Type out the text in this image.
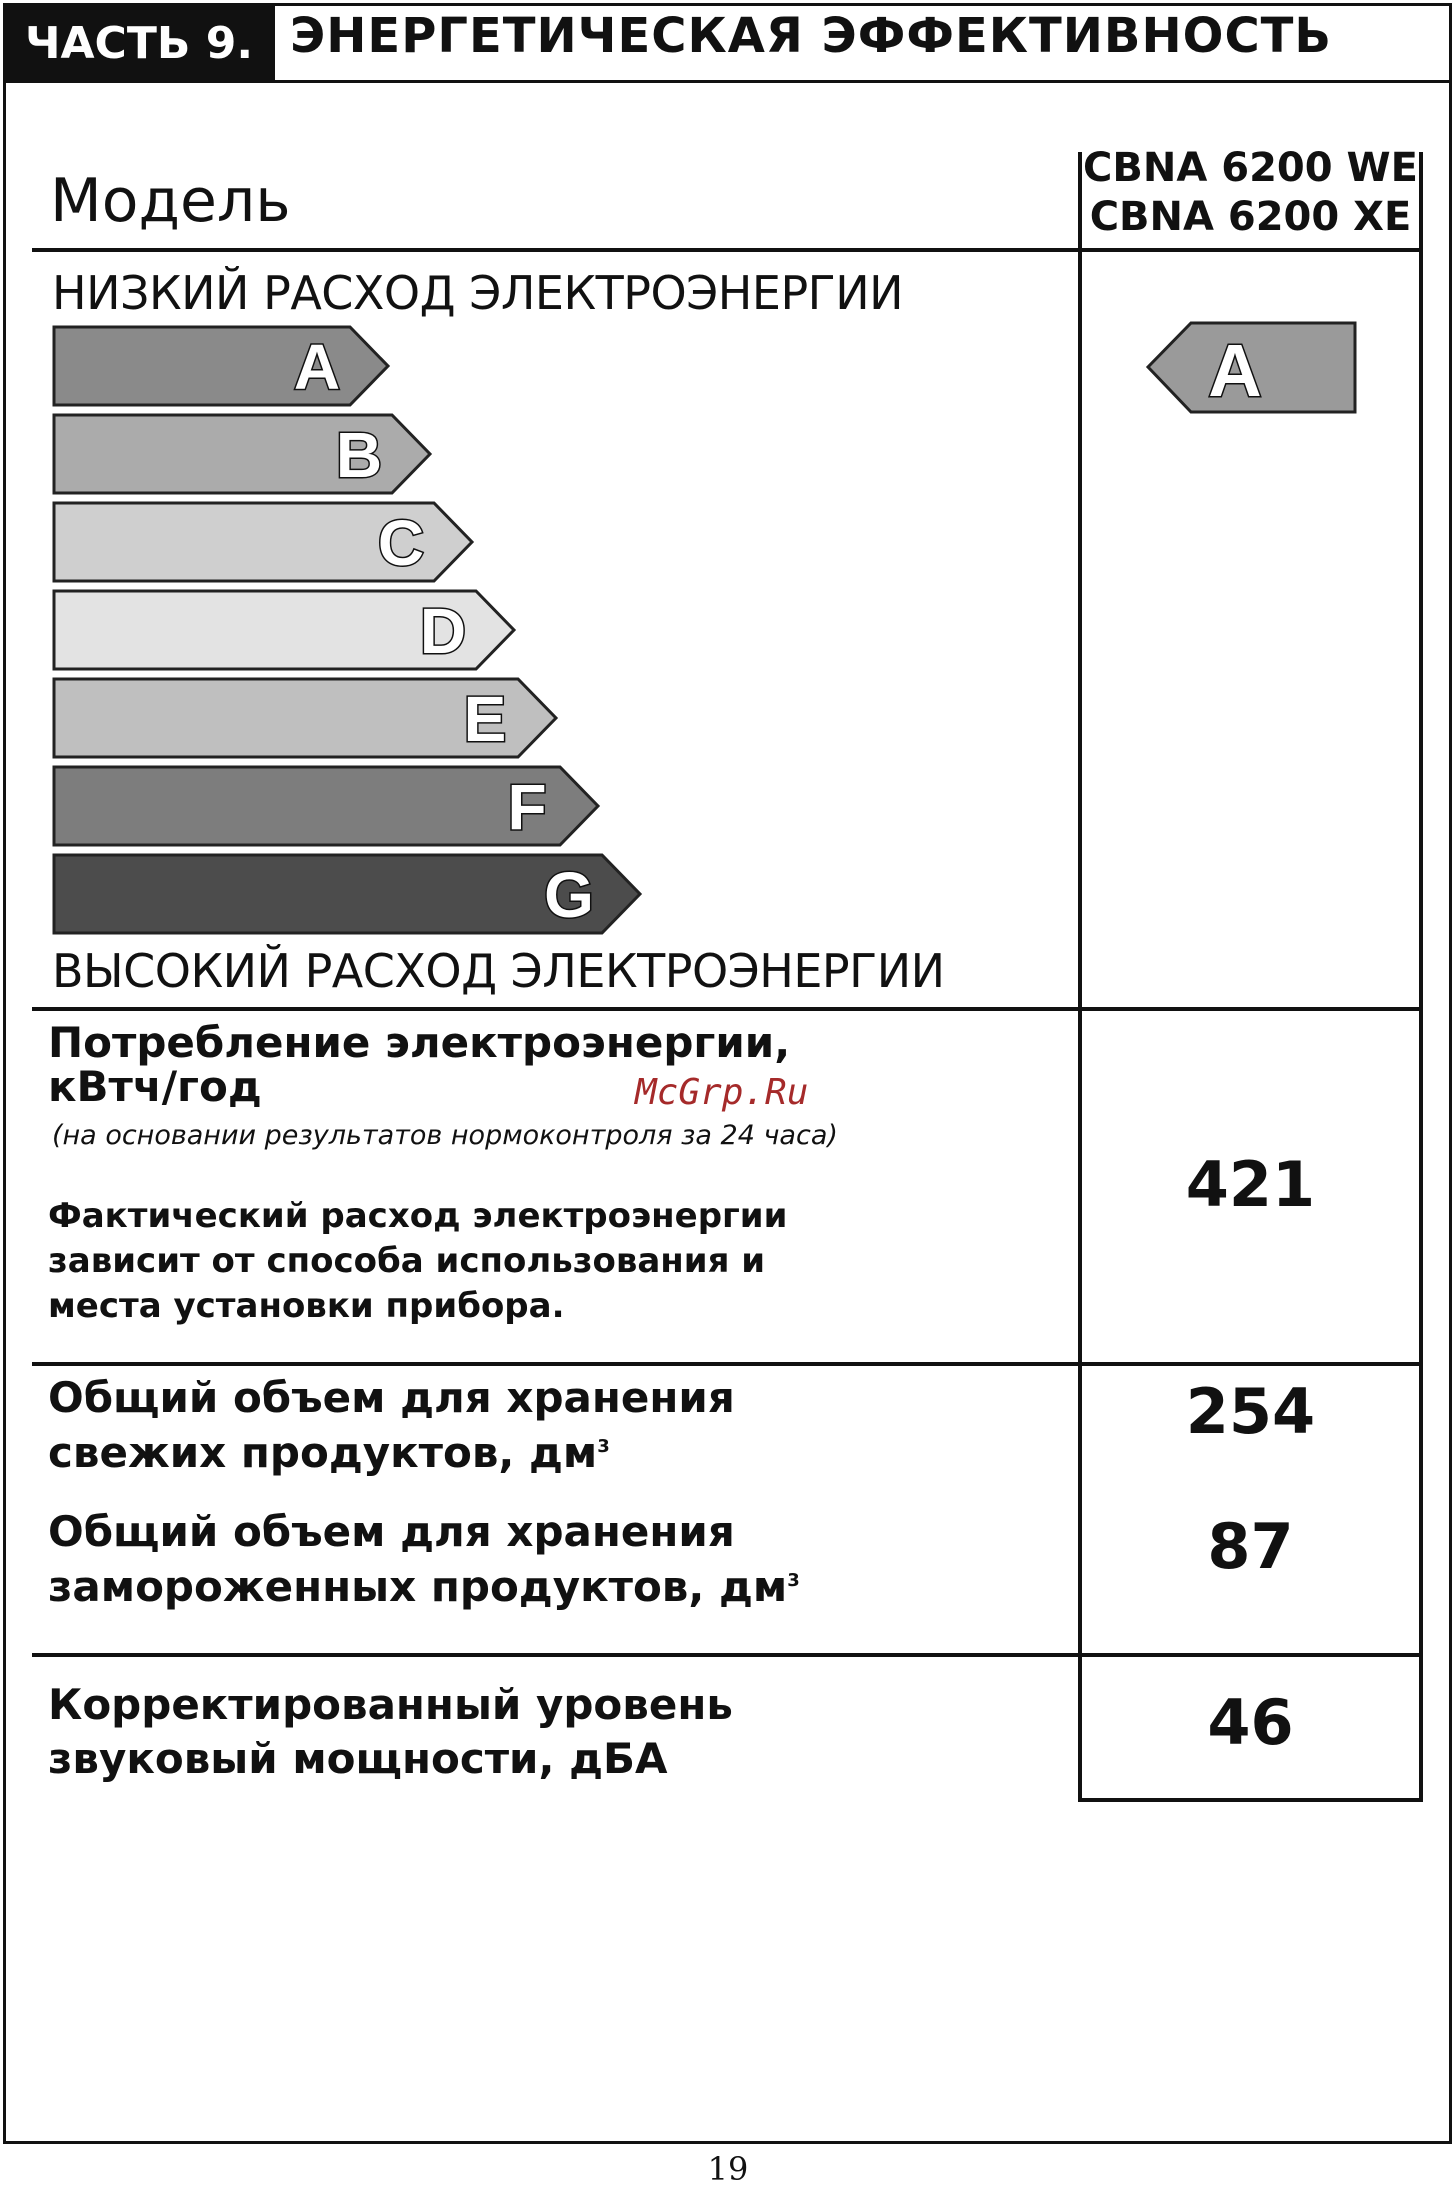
ЧАСТЬ 9. ЭНЕРГЕТИЧЕСКАЯ ЭФФЕКТИВНОСТЬ
Модель	CBNA 6200 WE
CBNA 6200 XE
НИЗКИЙ РАСХОД ЭЛЕКТРОЭНЕРГИИ
A
B
C
D
E
F
G
ВЫСОКИЙ РАСХОД ЭЛЕКТРОЭНЕРГИИ
A
Потребление электроэнергии,
кВтч/год
(на основании результатов нормоконтроля за 24 часа)
Фактический расход электроэнергии
зависит от способа использования и
места установки прибора.
421
McGrp.Ru
Общий объем для хранения
свежих продуктов, $дм^3$	254
Общий объем для хранения
замороженных продуктов, $дм^3$	87
Корректированный уровень
звуковый мощности, дБА	46
19
